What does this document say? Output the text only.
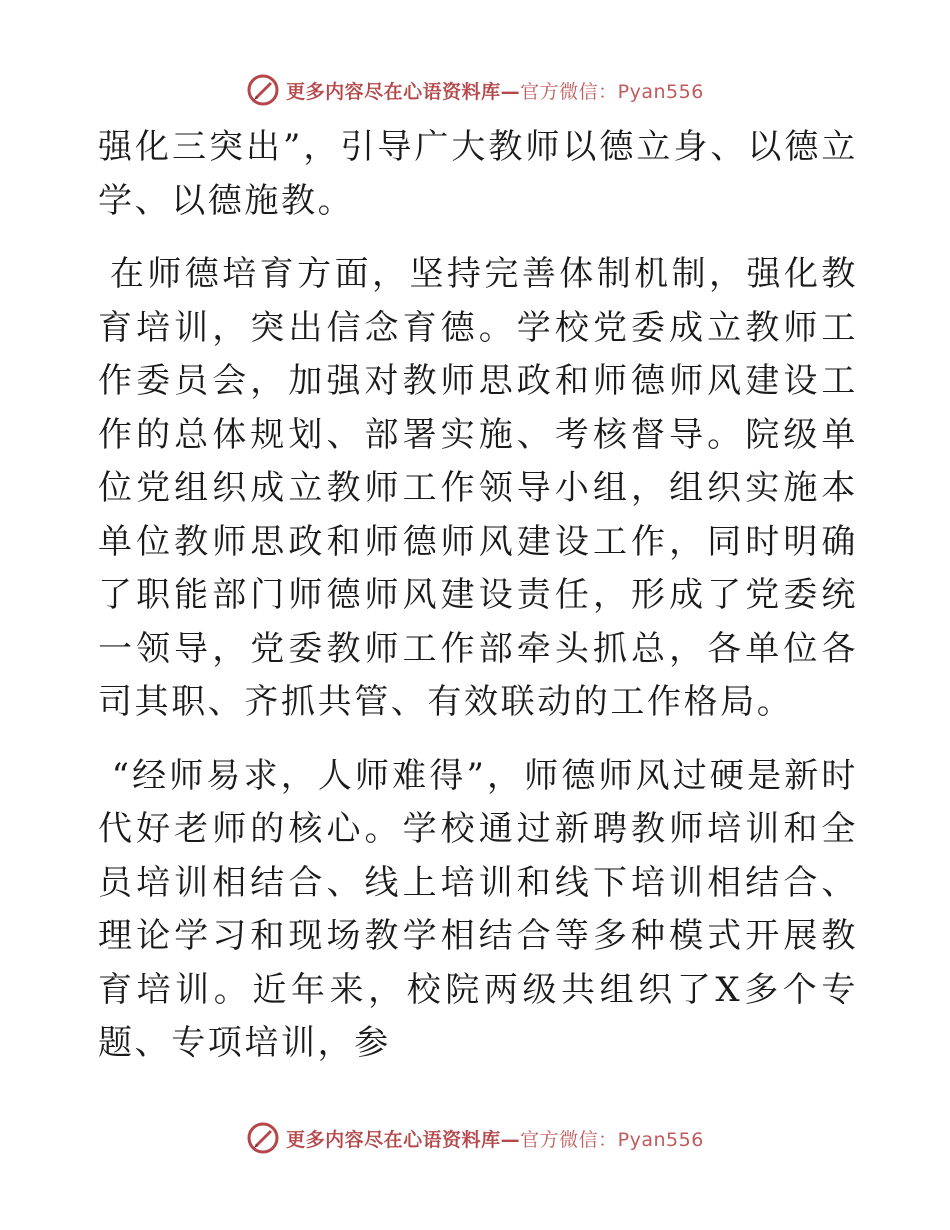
更多内容尽在心语资料库—官方微信：Pyan556

强化三突出”，引导广大教师以德立身、以德立学、以德施教。

在师德培育方面，坚持完善体制机制，强化教育培训，突出信念育德。学校党委成立教师工作委员会，加强对教师思政和师德师风建设工作的总体规划、部署实施、考核督导。院级单位党组织成立教师工作领导小组，组织实施本单位教师思政和师德师风建设工作，同时明确了职能部门师德师风建设责任，形成了党委统一领导，党委教师工作部牵头抓总，各单位各司其职、齐抓共管、有效联动的工作格局。

“经师易求，人师难得”，师德师风过硬是新时代好老师的核心。学校通过新聘教师培训和全员培训相结合、线上培训和线下培训相结合、理论学习和现场教学相结合等多种模式开展教育培训。近年来，校院两级共组织了X多个专题、专项培训，参

更多内容尽在心语资料库—官方微信：Pyan556
